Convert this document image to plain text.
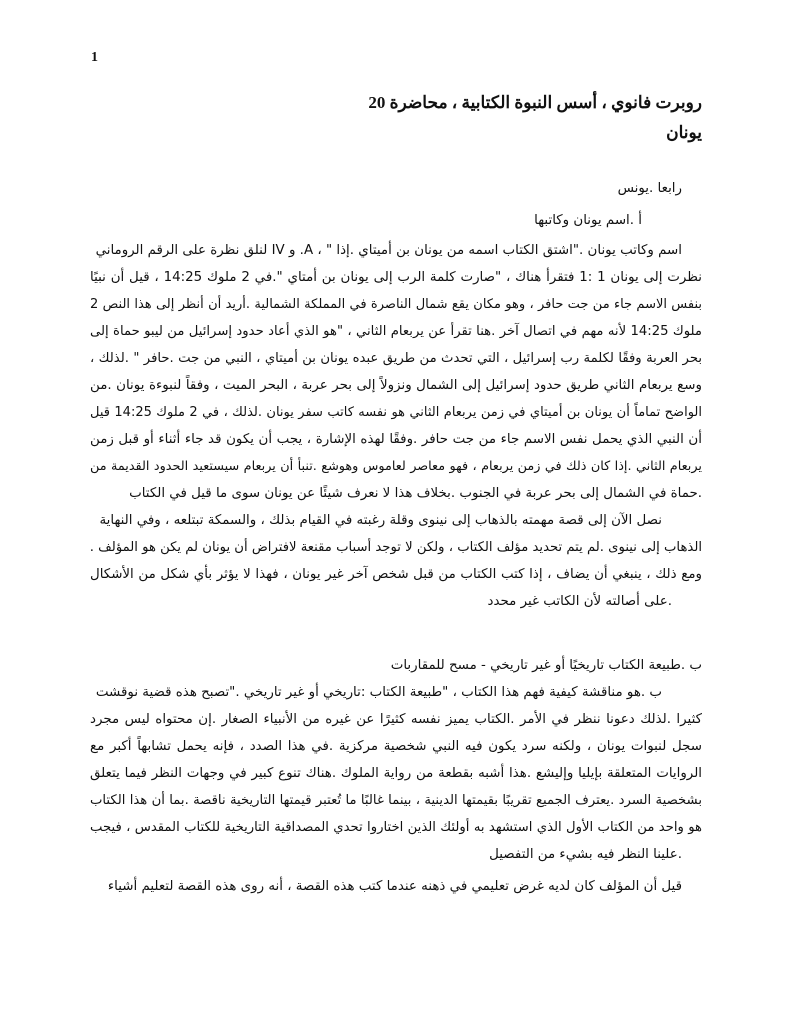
1
روبرت فانوي ، أسس النبوة الكتابية ، محاضرة 20
يونان
رابعا .يونس
أ .اسم يونان وكاتبها
اسم وكاتب يونان ."اشتق الكتاب اسمه من يونان بن أميتاي .إذا " ، A. و IV لنلق نظرة على الرقم الروماني
نظرت إلى يونان 1 :1 فتقرأ هناك ، "صارت كلمة الرب إلى يونان بن أمتاي ".في 2 ملوك 14:25 ، قيل أن نبيًا
بنفس الاسم جاء من جت حافر ، وهو مكان يقع شمال الناصرة في المملكة الشمالية .أريد أن أنظر إلى هذا النص 2
ملوك 14:25 لأنه مهم في اتصال آخر .هنا تقرأ عن يربعام الثاني ، "هو الذي أعاد حدود إسرائيل من ليبو حماة إلى
بحر العربة وفقًا لكلمة رب إسرائيل ، التي تحدث من طريق عبده يونان بن أميتاي ، النبي من جت .حافر " .لذلك ،
وسع يربعام الثاني طريق حدود إسرائيل إلى الشمال ونزولاً إلى بحر عربة ، البحر الميت ، وفقاً لنبوءة يونان .من
الواضح تماماً أن يونان بن أميتاي في زمن يربعام الثاني هو نفسه كاتب سفر يونان .لذلك ، في 2 ملوك 14:25 قيل
أن النبي الذي يحمل نفس الاسم جاء من جت حافر .وفقًا لهذه الإشارة ، يجب أن يكون قد جاء أثناء أو قبل زمن
يربعام الثاني .إذا كان ذلك في زمن يربعام ، فهو معاصر لعاموس وهوشع .تنبأ أن يربعام سيستعيد الحدود القديمة من
.حماة في الشمال إلى بحر عربة في الجنوب .بخلاف هذا لا نعرف شيئًا عن يونان سوى ما قيل في الكتاب
نصل الآن إلى قصة مهمته بالذهاب إلى نينوى وقلة رغبته في القيام بذلك ، والسمكة تبتلعه ، وفي النهاية
الذهاب إلى نينوى .لم يتم تحديد مؤلف الكتاب ، ولكن لا توجد أسباب مقنعة لافتراض أن يونان لم يكن هو المؤلف .
ومع ذلك ، ينبغي أن يضاف ، إذا كتب الكتاب من قبل شخص آخر غير يونان ، فهذا لا يؤثر بأي شكل من الأشكال
.على أصالته لأن الكاتب غير محدد
ب .طبيعة الكتاب تاريخيًا أو غير تاريخي - مسح للمقاربات
ب .هو مناقشة كيفية فهم هذا الكتاب ، "طبيعة الكتاب :تاريخي أو غير تاريخي ."تصبح هذه قضية نوقشت
كثيرا .لذلك دعونا ننظر في الأمر .الكتاب يميز نفسه كثيرًا عن غيره من الأنبياء الصغار .إن محتواه ليس مجرد
سجل لنبوات يونان ، ولكنه سرد يكون فيه النبي شخصية مركزية .في هذا الصدد ، فإنه يحمل تشابهاً أكبر مع
الروايات المتعلقة بإيليا وإليشع .هذا أشبه بقطعة من رواية الملوك .هناك تنوع كبير في وجهات النظر فيما يتعلق
بشخصية السرد .يعترف الجميع تقريبًا بقيمتها الدينية ، بينما غالبًا ما تُعتبر قيمتها التاريخية ناقصة .بما أن هذا الكتاب
هو واحد من الكتاب الأول الذي استشهد به أولئك الذين اختاروا تحدي المصداقية التاريخية للكتاب المقدس ، فيجب
.علينا النظر فيه بشيء من التفصيل
قيل أن المؤلف كان لديه غرض تعليمي في ذهنه عندما كتب هذه القصة ، أنه روى هذه القصة لتعليم أشياء
